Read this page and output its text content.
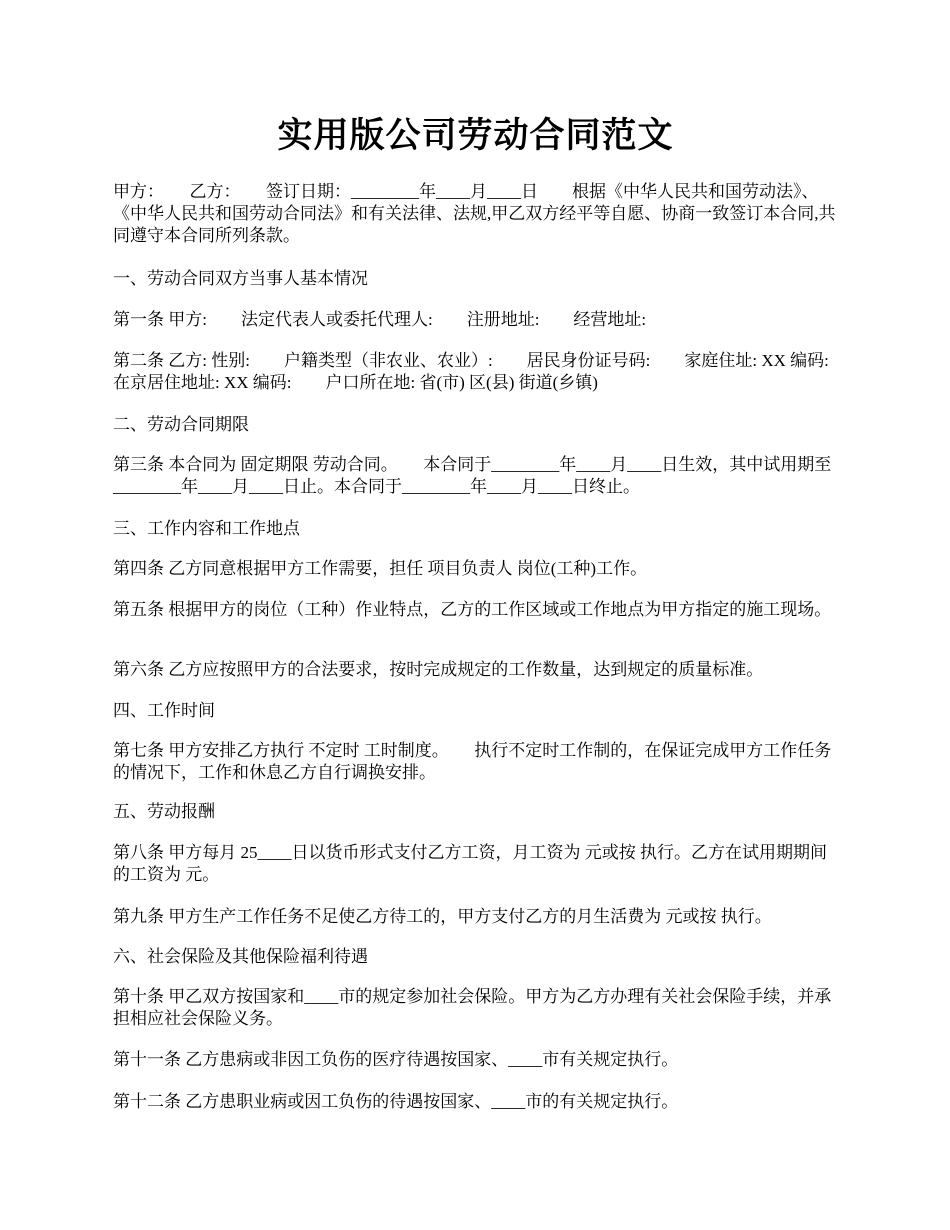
实用版公司劳动合同范文

甲方：　　乙方：　　签订日期：________年____月____日　　根据《中华人民共和国劳动法》、《中华人民共和国劳动合同法》和有关法律、法规,甲乙双方经平等自愿、协商一致签订本合同,共同遵守本合同所列条款。

一、劳动合同双方当事人基本情况

第一条 甲方:　　法定代表人或委托代理人:　　注册地址:　　经营地址:

第二条 乙方: 性别:　　户籍类型（非农业、农业）:　　居民身份证号码:　　家庭住址: XX 编码:　　在京居住地址: XX 编码:　　户口所在地: 省(市) 区(县) 街道(乡镇)

二、劳动合同期限

第三条 本合同为 固定期限 劳动合同。　　本合同于________年____月____日生效，其中试用期至________年____月____日止。本合同于________年____月____日终止。

三、工作内容和工作地点

第四条 乙方同意根据甲方工作需要，担任 项目负责人 岗位(工种)工作。

第五条 根据甲方的岗位（工种）作业特点，乙方的工作区域或工作地点为甲方指定的施工现场。

第六条 乙方应按照甲方的合法要求，按时完成规定的工作数量，达到规定的质量标准。

四、工作时间

第七条 甲方安排乙方执行 不定时 工时制度。　　执行不定时工作制的，在保证完成甲方工作任务的情况下，工作和休息乙方自行调换安排。

五、劳动报酬

第八条 甲方每月 25____日以货币形式支付乙方工资，月工资为 元或按 执行。乙方在试用期期间的工资为 元。

第九条 甲方生产工作任务不足使乙方待工的，甲方支付乙方的月生活费为 元或按 执行。

六、社会保险及其他保险福利待遇

第十条 甲乙双方按国家和____市的规定参加社会保险。甲方为乙方办理有关社会保险手续，并承担相应社会保险义务。

第十一条 乙方患病或非因工负伤的医疗待遇按国家、____市有关规定执行。

第十二条 乙方患职业病或因工负伤的待遇按国家、____市的有关规定执行。
